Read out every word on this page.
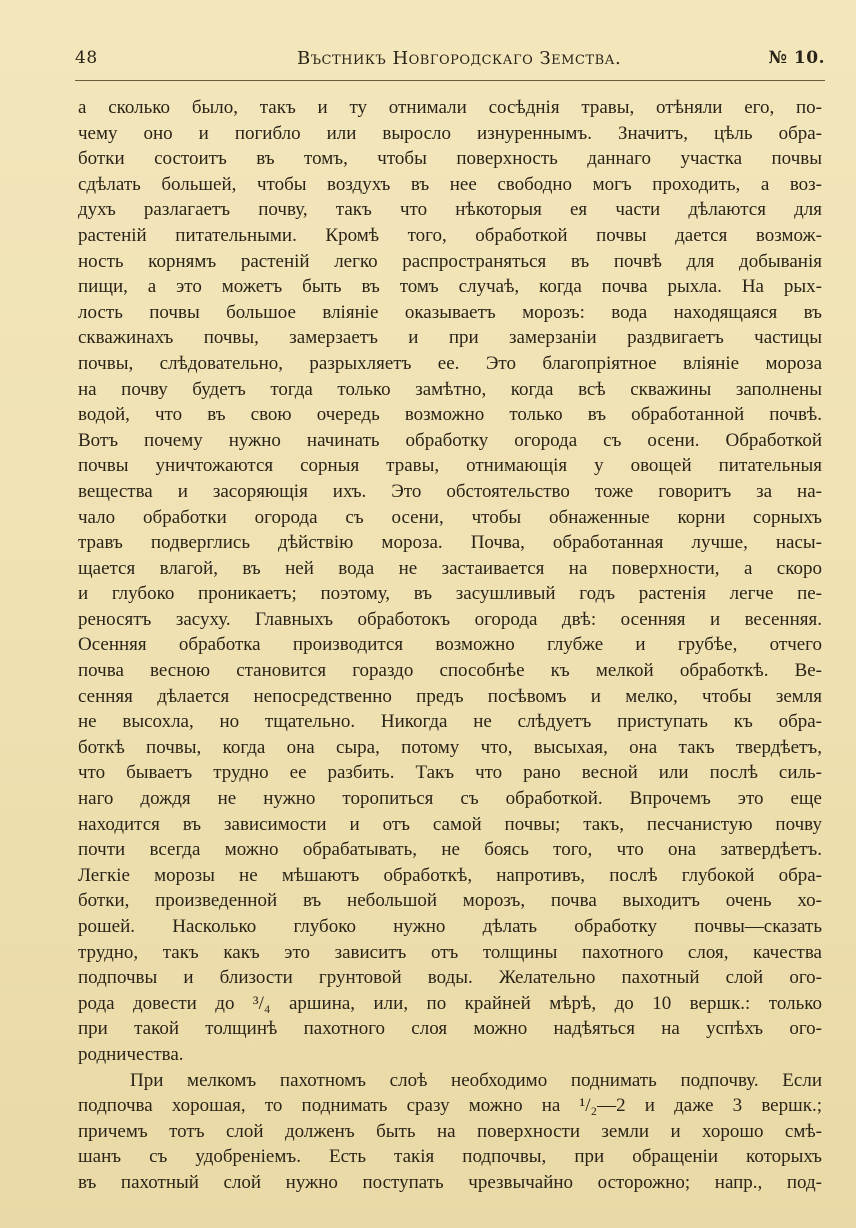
48	Въстникъ Новгородскаго Земства.	№ 10.
а сколько было, такъ и ту отнимали сосѣднія травы, отѣняли его, по-
чему оно и погибло или выросло изнуреннымъ. Значитъ, цѣль обра-
ботки состоитъ въ томъ, чтобы поверхность даннаго участка почвы
сдѣлать большей, чтобы воздухъ въ нее свободно могъ проходить, а воз-
духъ разлагаетъ почву, такъ что нѣкоторыя ея части дѣлаются для
растеній питательными. Кромѣ того, обработкой почвы дается возмож-
ность корнямъ растеній легко распространяться въ почвѣ для добыванія
пищи, а это можетъ быть въ томъ случаѣ, когда почва рыхла. На рых-
лость почвы большое вліяніе оказываетъ морозъ: вода находящаяся въ
скважинахъ почвы, замерзаетъ и при замерзаніи раздвигаетъ частицы
почвы, слѣдовательно, разрыхляетъ ее. Это благопріятное вліяніе мороза
на почву будетъ тогда только замѣтно, когда всѣ скважины заполнены
водой, что въ свою очередь возможно только въ обработанной почвѣ.
Вотъ почему нужно начинать обработку огорода съ осени. Обработкой
почвы уничтожаются сорныя травы, отнимающія у овощей питательныя
вещества и засоряющія ихъ. Это обстоятельство тоже говоритъ за на-
чало обработки огорода съ осени, чтобы обнаженные корни сорныхъ
травъ подверглись дѣйствію мороза. Почва, обработанная лучше, насы-
щается влагой, въ ней вода не застаивается на поверхности, а скоро
и глубоко проникаетъ; поэтому, въ засушливый годъ растенія легче пе-
реносятъ засуху. Главныхъ обработокъ огорода двѣ: осенняя и весенняя.
Осенняя обработка производится возможно глубже и грубѣе, отчего
почва весною становится гораздо способнѣе къ мелкой обработкѣ. Ве-
сенняя дѣлается непосредственно предъ посѣвомъ и мелко, чтобы земля
не высохла, но тщательно. Никогда не слѣдуетъ приступать къ обра-
боткѣ почвы, когда она сыра, потому что, высыхая, она такъ твердѣетъ,
что бываетъ трудно ее разбить. Такъ что рано весной или послѣ силь-
наго дождя не нужно торопиться съ обработкой. Впрочемъ это еще
находится въ зависимости и отъ самой почвы; такъ, песчанистую почву
почти всегда можно обрабатывать, не боясь того, что она затвердѣетъ.
Легкіе морозы не мѣшаютъ обработкѣ, напротивъ, послѣ глубокой обра-
ботки, произведенной въ небольшой морозъ, почва выходитъ очень хо-
рошей. Насколько глубоко нужно дѣлать обработку почвы—сказать
трудно, такъ какъ это зависитъ отъ толщины пахотного слоя, качества
подпочвы и близости грунтовой воды. Желательно пахотный слой ого-
рода довести до ³/₄ аршина, или, по крайней мѣрѣ, до 10 вершк.: только
при такой толщинѣ пахотного слоя можно надѣяться на успѣхъ ого-
родничества.
При мелкомъ пахотномъ слоѣ необходимо поднимать подпочву. Если
подпочва хорошая, то поднимать сразу можно на ¹/₂—2 и даже 3 вершк.;
причемъ тотъ слой долженъ быть на поверхности земли и хорошо смѣ-
шанъ съ удобреніемъ. Есть такія подпочвы, при обращеніи которыхъ
въ пахотный слой нужно поступать чрезвычайно осторожно; напр., под-
